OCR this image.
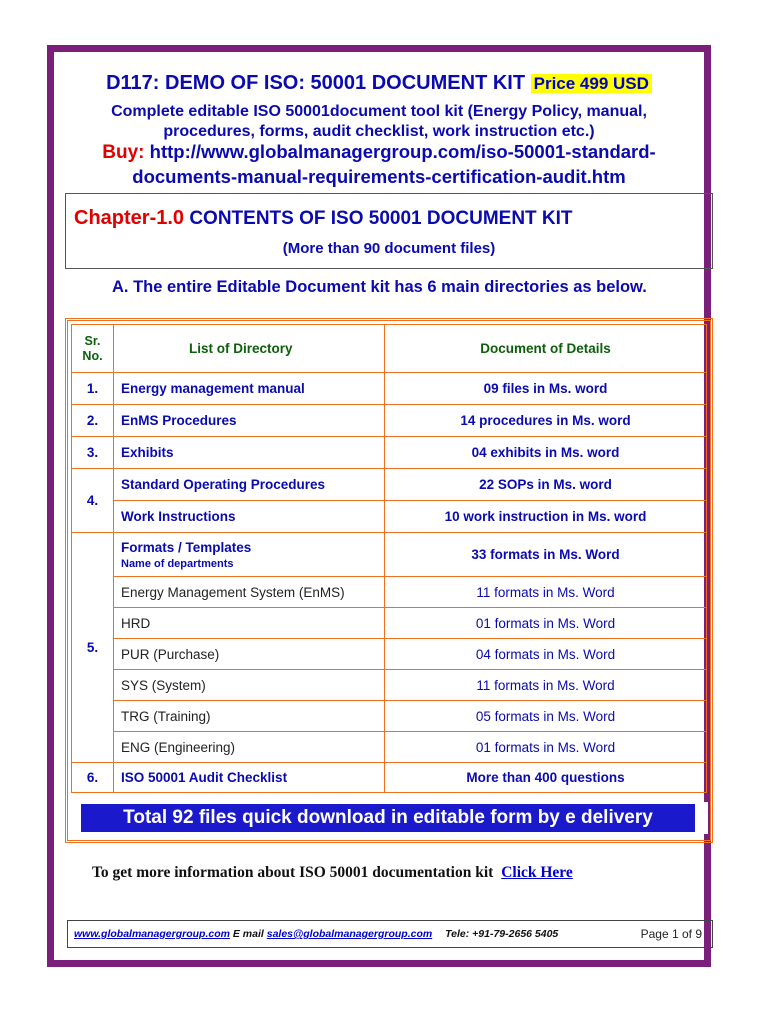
D117: DEMO OF ISO: 50001 DOCUMENT KIT Price 499 USD
Complete editable ISO 50001document tool kit (Energy Policy, manual, procedures, forms, audit checklist, work instruction etc.)
Buy: http://www.globalmanagergroup.com/iso-50001-standard-documents-manual-requirements-certification-audit.htm
Chapter-1.0 CONTENTS OF ISO 50001 DOCUMENT KIT
(More than 90 document files)
A. The entire Editable Document kit has 6 main directories as below.
Sr.
No.	List of Directory	Document of Details
1.	Energy management manual	09 files in Ms. word
2.	EnMS Procedures	14 procedures in Ms. word
3.	Exhibits	04 exhibits in Ms. word
4.	Standard Operating Procedures	22 SOPs in Ms. word
	Work Instructions	10 work instruction in Ms. word
5.	Formats / Templates
Name of departments	33 formats in Ms. Word
	Energy Management System (EnMS)	11 formats in Ms. Word
	HRD	01 formats in Ms. Word
	PUR (Purchase)	04 formats in Ms. Word
	SYS (System)	11 formats in Ms. Word
	TRG (Training)	05 formats in Ms. Word
	ENG (Engineering)	01 formats in Ms. Word
6.	ISO 50001 Audit Checklist	More than 400 questions
Total 92 files quick download in editable form by e delivery
To get more information about ISO 50001 documentation kit Click Here
www.globalmanagergroup.com E mail sales@globalmanagergroup.com Tele: +91-79-2656 5405	Page 1 of 9
